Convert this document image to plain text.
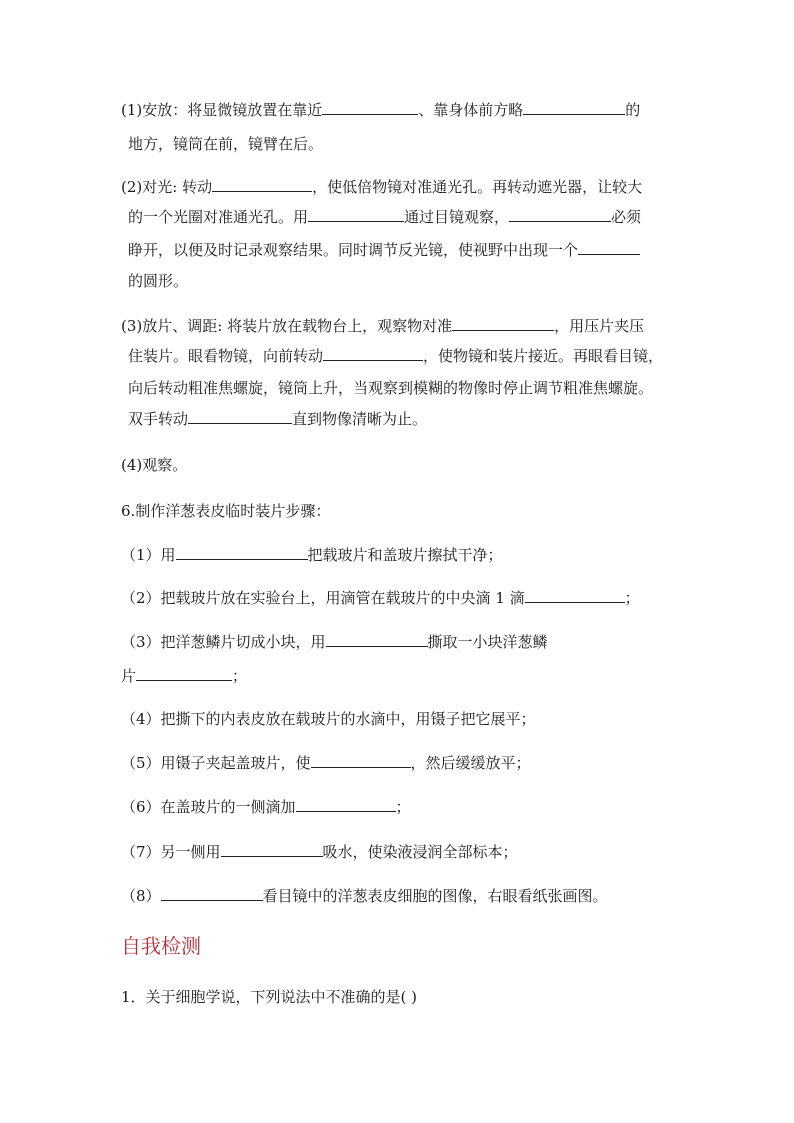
(1)安放：将显微镜放置在靠近	、靠身体前方略	的
地方，镜筒在前，镜臂在后。
(2)对光: 转动	，使低倍物镜对准通光孔。再转动遮光器，让较大
的一个光圈对准通光孔。用	通过目镜观察，	必须
睁开，以便及时记录观察结果。同时调节反光镜，使视野中出现一个
的圆形。
(3)放片、调距: 将装片放在载物台上，观察物对准	，用压片夹压
住装片。眼看物镜，向前转动	，使物镜和装片接近。再眼看目镜，
向后转动粗准焦螺旋，镜筒上升，当观察到模糊的物像时停止调节粗准焦螺旋。
双手转动	直到物像清晰为止。
(4)观察。
6.制作洋葱表皮临时装片步骤：
（1）用	把载玻片和盖玻片擦拭干净；
（2）把载玻片放在实验台上，用滴管在载玻片的中央滴 1 滴	；
（3）把洋葱鳞片切成小块，用	撕取一小块洋葱鳞
片	；
（4）把撕下的内表皮放在载玻片的水滴中，用镊子把它展平；
（5）用镊子夹起盖玻片，使	，然后缓缓放平；
（6）在盖玻片的一侧滴加	；
（7）另一侧用	吸水，使染液浸润全部标本；
（8）	看目镜中的洋葱表皮细胞的图像，右眼看纸张画图。
自我检测
1．关于细胞学说，下列说法中不准确的是( )
